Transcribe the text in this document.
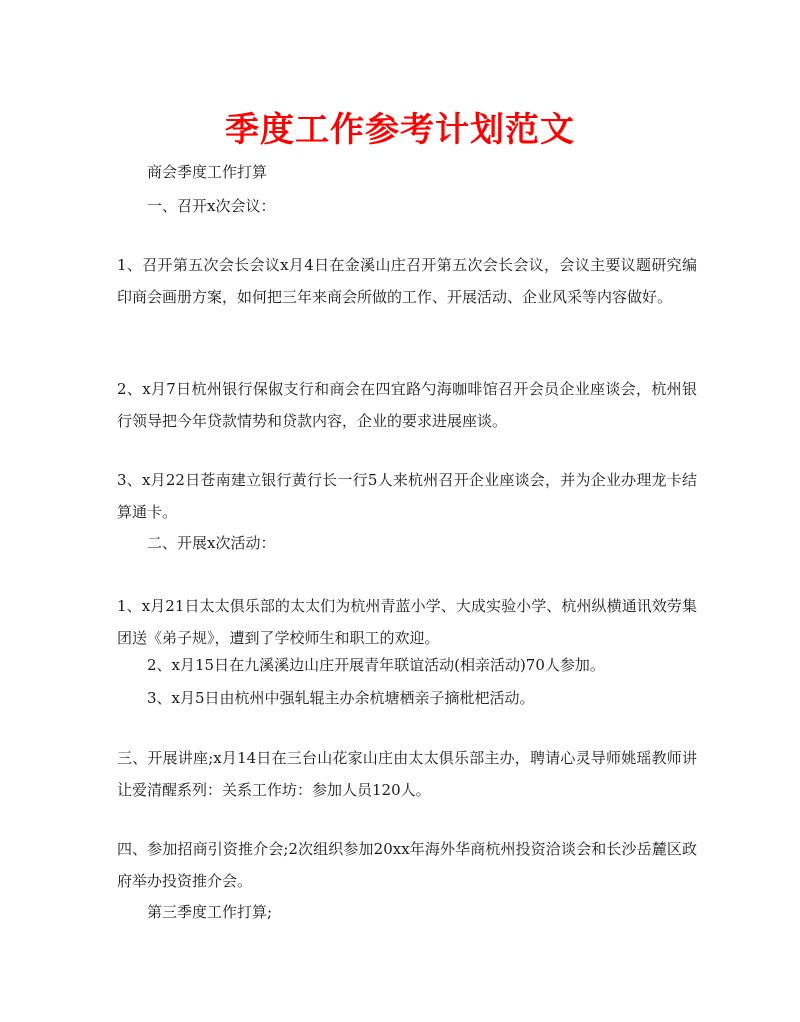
季度工作参考计划范文
商会季度工作打算
一、召开x次会议：
1、召开第五次会长会议x月4日在金溪山庄召开第五次会长会议，会议主要议题研究编印商会画册方案，如何把三年来商会所做的工作、开展活动、企业风采等内容做好。
2、x月7日杭州银行保俶支行和商会在四宜路勺海咖啡馆召开会员企业座谈会，杭州银行领导把今年贷款情势和贷款内容，企业的要求进展座谈。
3、x月22日苍南建立银行黄行长一行5人来杭州召开企业座谈会，并为企业办理龙卡结算通卡。
二、开展x次活动：
1、x月21日太太俱乐部的太太们为杭州青蓝小学、大成实验小学、杭州纵横通讯效劳集团送《弟子规》，遭到了学校师生和职工的欢迎。
2、x月15日在九溪溪边山庄开展青年联谊活动(相亲活动)70人参加。
3、x月5日由杭州中强轧辊主办余杭塘栖亲子摘枇杷活动。
三、开展讲座;x月14日在三台山花家山庄由太太俱乐部主办，聘请心灵导师姚瑶教师讲让爱清醒系列：关系工作坊：参加人员120人。
四、参加招商引资推介会;2次组织参加20xx年海外华商杭州投资洽谈会和长沙岳麓区政府举办投资推介会。
第三季度工作打算;
